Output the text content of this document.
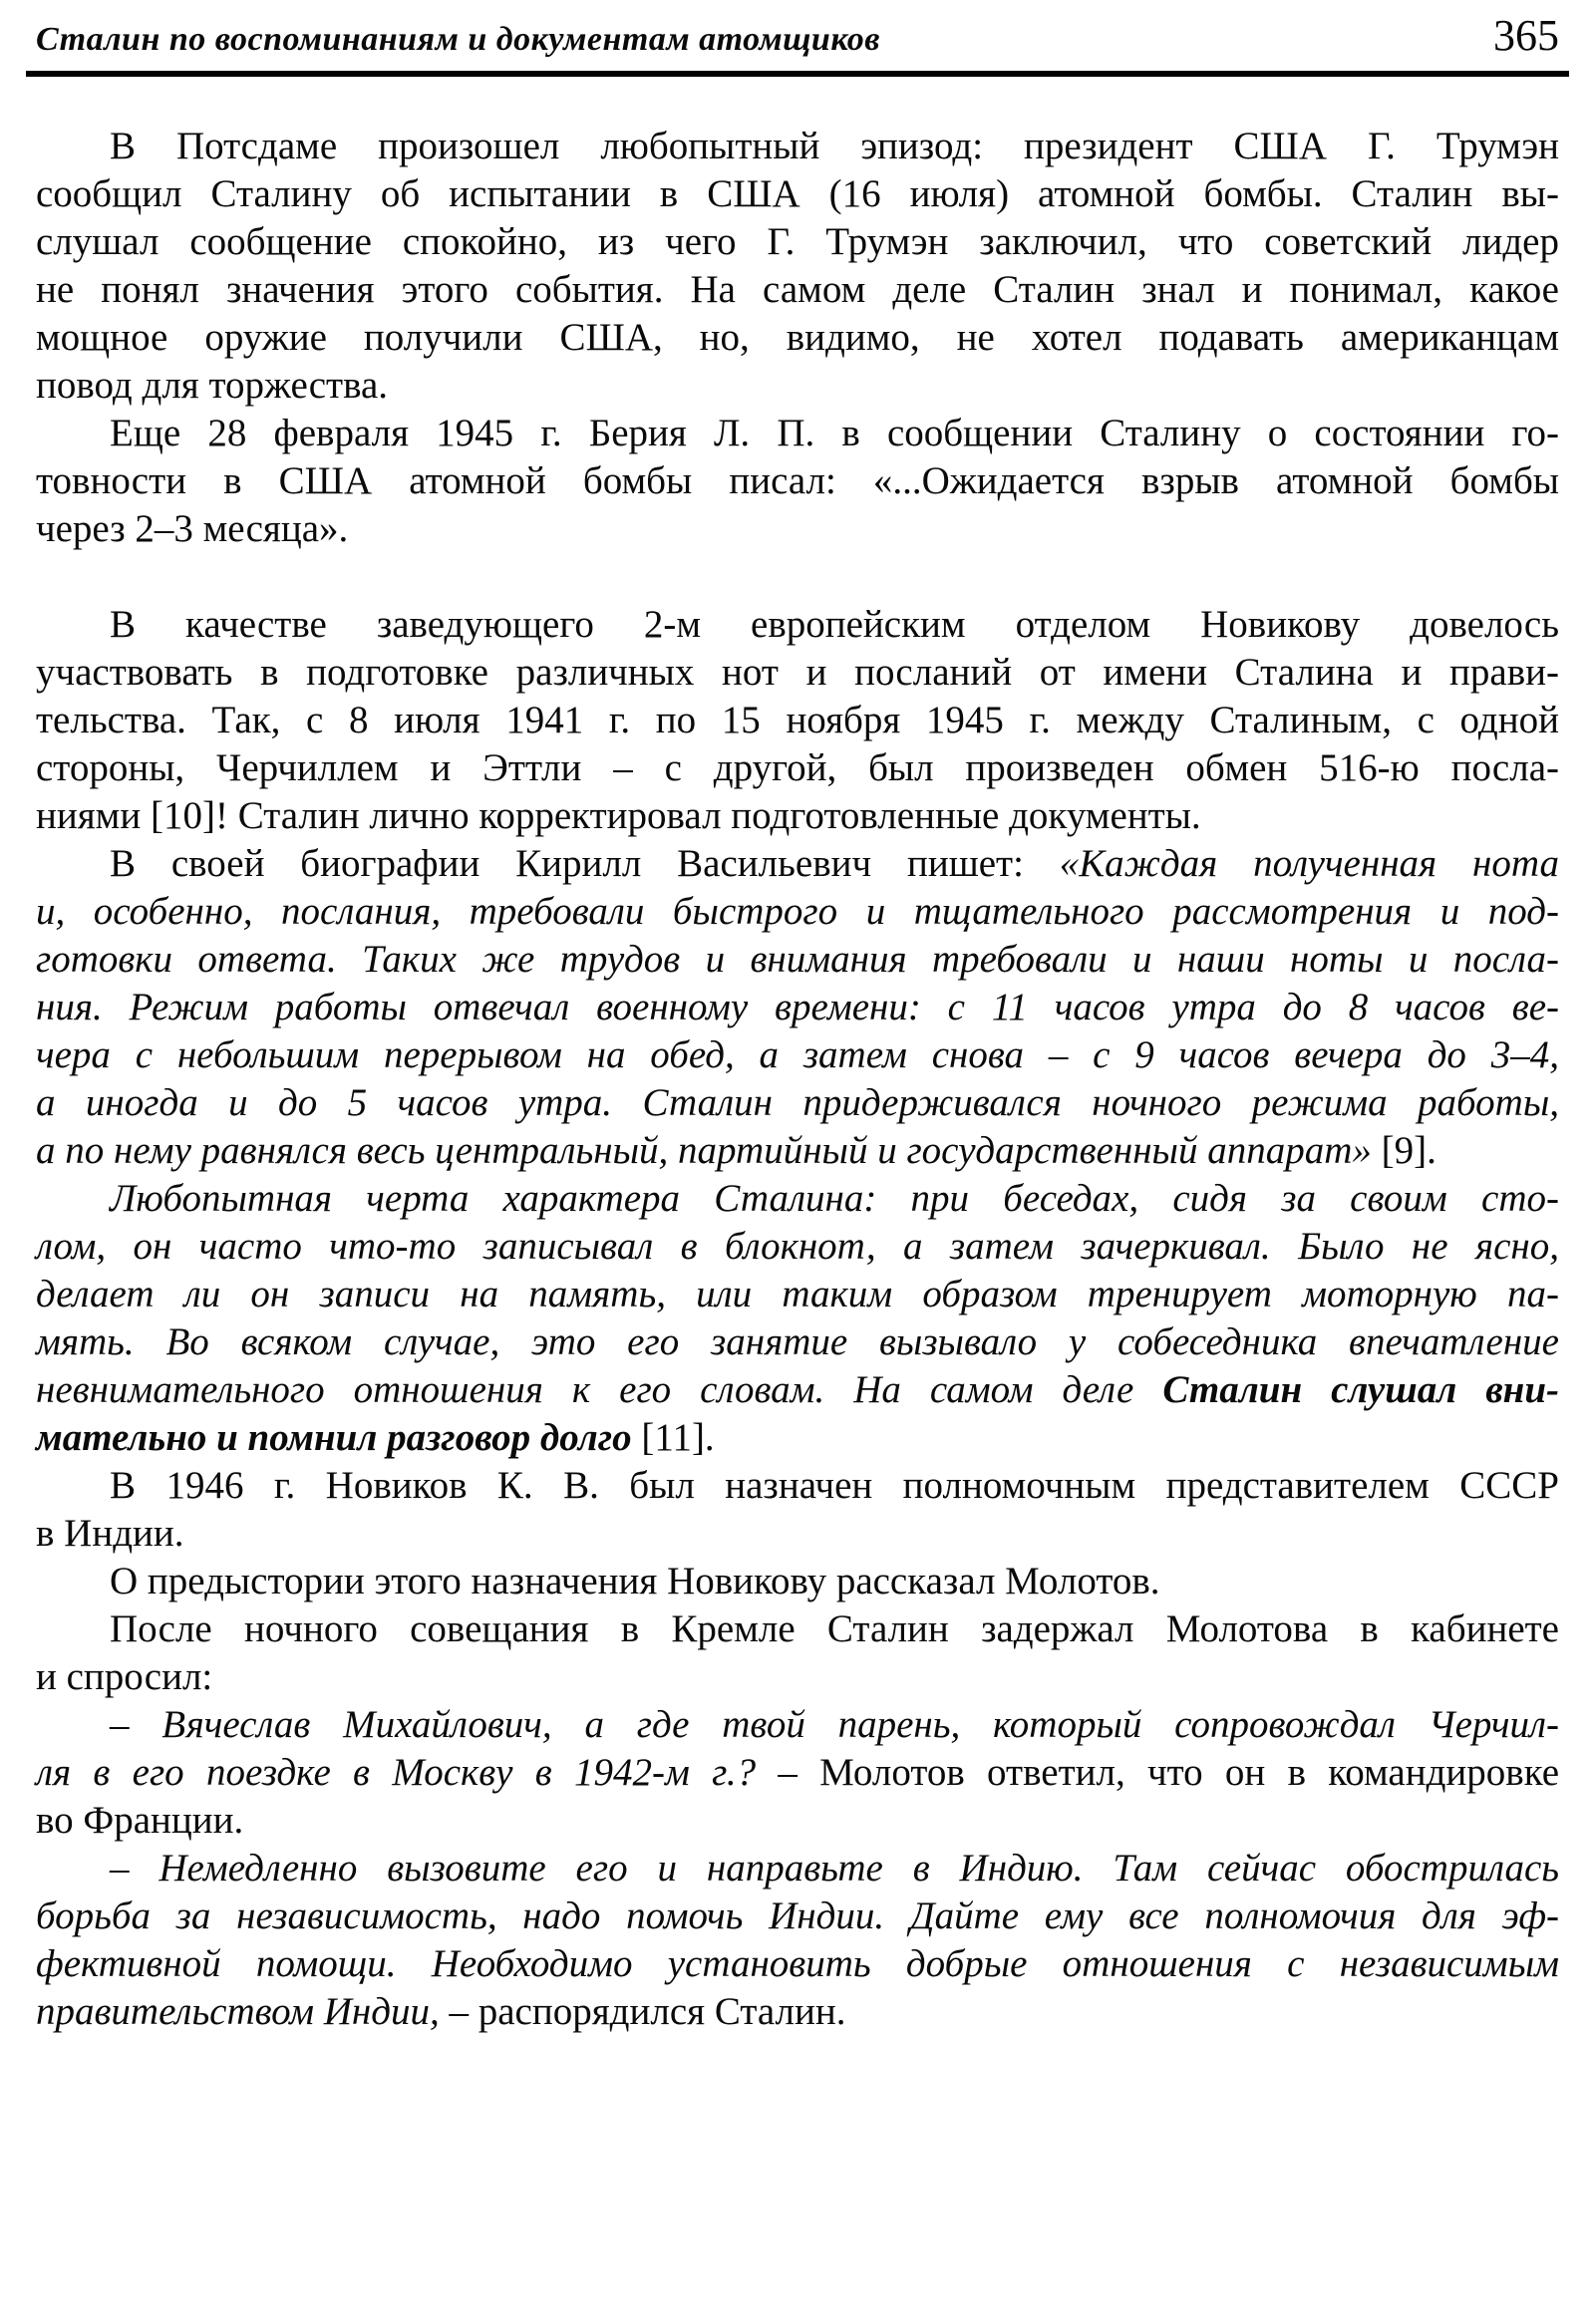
Сталин по воспоминаниям и документам атомщиков	365
В Потсдаме произошел любопытный эпизод: президент США Г. Трумэн
сообщил Сталину об испытании в США (16 июля) атомной бомбы. Сталин вы-
слушал сообщение спокойно, из чего Г. Трумэн заключил, что советский лидер
не понял значения этого события. На самом деле Сталин знал и понимал, какое
мощное оружие получили США, но, видимо, не хотел подавать американцам
повод для торжества.
Еще 28 февраля 1945 г. Берия Л. П. в сообщении Сталину о состоянии го-
товности в США атомной бомбы писал: «...Ожидается взрыв атомной бомбы
через 2–3 месяца».
В качестве заведующего 2-м европейским отделом Новикову довелось
участвовать в подготовке различных нот и посланий от имени Сталина и прави-
тельства. Так, с 8 июля 1941 г. по 15 ноября 1945 г. между Сталиным, с одной
стороны, Черчиллем и Эттли – с другой, был произведен обмен 516-ю посла-
ниями [10]! Сталин лично корректировал подготовленные документы.
В своей биографии Кирилл Васильевич пишет: «Каждая полученная нота
и, особенно, послания, требовали быстрого и тщательного рассмотрения и под-
готовки ответа. Таких же трудов и внимания требовали и наши ноты и посла-
ния. Режим работы отвечал военному времени: с 11 часов утра до 8 часов ве-
чера с небольшим перерывом на обед, а затем снова – с 9 часов вечера до 3–4,
а иногда и до 5 часов утра. Сталин придерживался ночного режима работы,
а по нему равнялся весь центральный, партийный и государственный аппарат» [9].
Любопытная черта характера Сталина: при беседах, сидя за своим сто-
лом, он часто что-то записывал в блокнот, а затем зачеркивал. Было не ясно,
делает ли он записи на память, или таким образом тренирует моторную па-
мять. Во всяком случае, это его занятие вызывало у собеседника впечатление
невнимательного отношения к его словам. На самом деле Сталин слушал вни-
мательно и помнил разговор долго [11].
В 1946 г. Новиков К. В. был назначен полномочным представителем СССР
в Индии.
О предыстории этого назначения Новикову рассказал Молотов.
После ночного совещания в Кремле Сталин задержал Молотова в кабинете
и спросил:
– Вячеслав Михайлович, а где твой парень, который сопровождал Черчил-
ля в его поездке в Москву в 1942-м г.? – Молотов ответил, что он в командировке
во Франции.
– Немедленно вызовите его и направьте в Индию. Там сейчас обострилась
борьба за независимость, надо помочь Индии. Дайте ему все полномочия для эф-
фективной помощи. Необходимо установить добрые отношения с независимым
правительством Индии, – распорядился Сталин.
